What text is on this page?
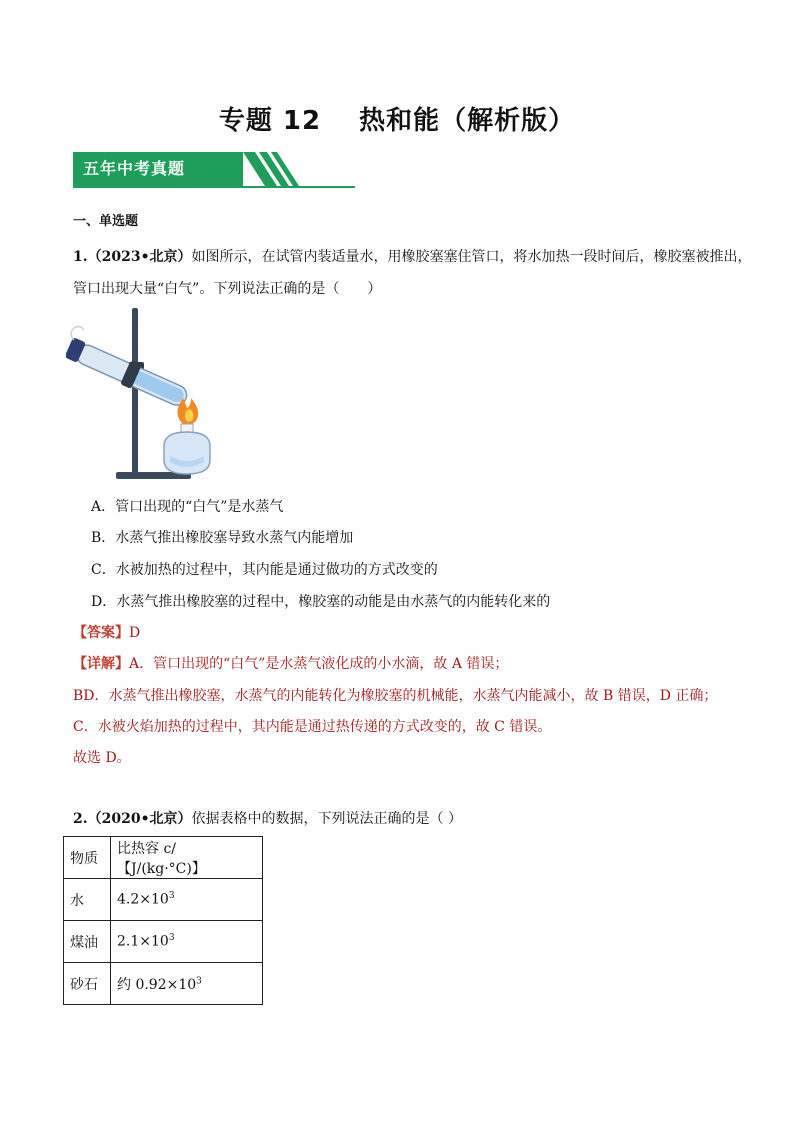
专题 12 热和能（解析版）
五年中考真题
一、单选题
1.（2023•北京）如图所示，在试管内装适量水，用橡胶塞塞住管口，将水加热一段时间后，橡胶塞被推出，
管口出现大量“白气”。下列说法正确的是（　　）
A．管口出现的“白气”是水蒸气
B．水蒸气推出橡胶塞导致水蒸气内能增加
C．水被加热的过程中，其内能是通过做功的方式改变的
D．水蒸气推出橡胶塞的过程中，橡胶塞的动能是由水蒸气的内能转化来的
【答案】D
【详解】A．管口出现的“白气”是水蒸气液化成的小水滴，故 A 错误；
BD．水蒸气推出橡胶塞，水蒸气的内能转化为橡胶塞的机械能，水蒸气内能减小，故 B 错误，D 正确；
C．水被火焰加热的过程中，其内能是通过热传递的方式改变的，故 C 错误。
故选 D。
2.（2020•北京）依据表格中的数据，下列说法正确的是（ ）
物质	比热容 c/ 【J/(kg·°C)】
水	$4.2\times 10^3$
煤油	$2.1\times 10^3$
砂石	约 $0.92\times 10^3$
